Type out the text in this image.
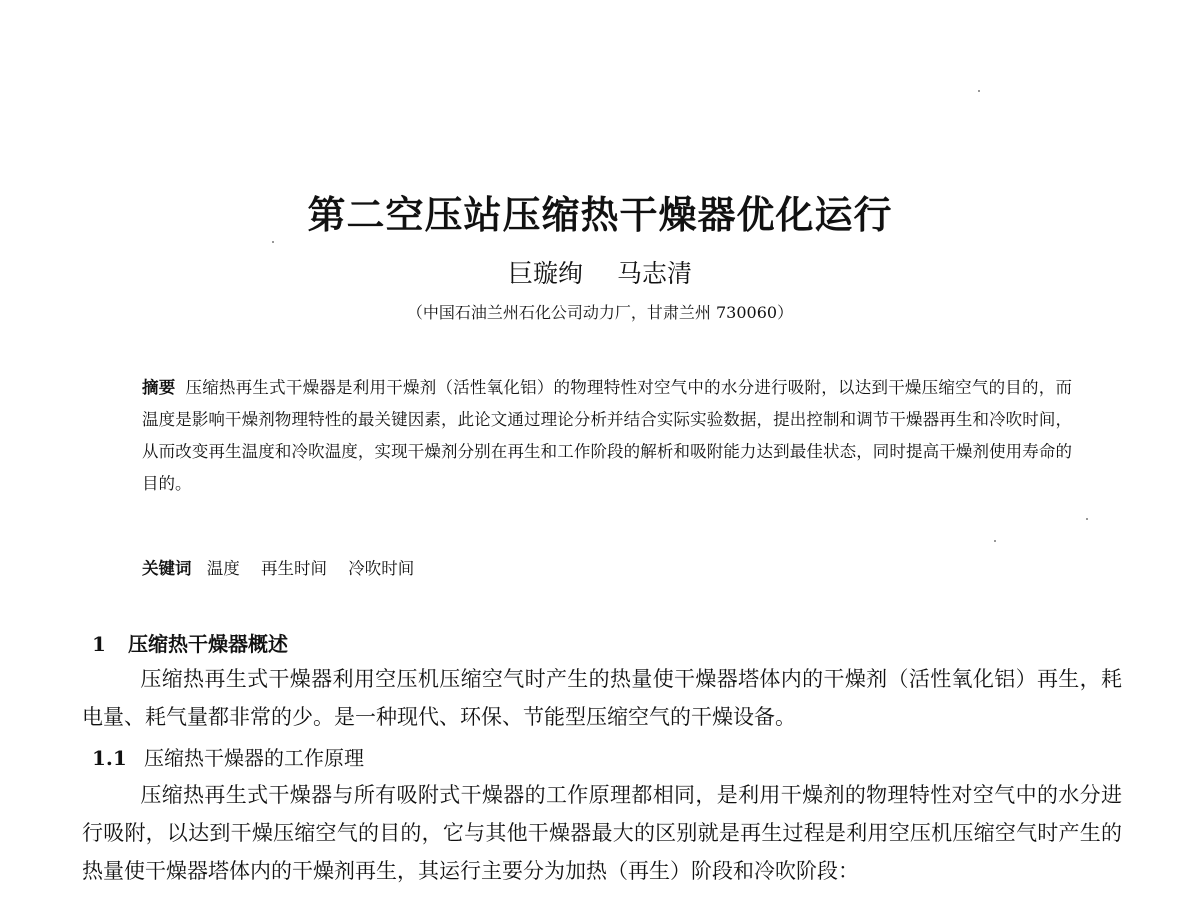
第二空压站压缩热干燥器优化运行
巨璇绚 马志清
（中国石油兰州石化公司动力厂，甘肃兰州 730060）
摘要 压缩热再生式干燥器是利用干燥剂（活性氧化铝）的物理特性对空气中的水分进行吸附，以达到干燥压缩空气的目的，而温度是影响干燥剂物理特性的最关键因素，此论文通过理论分析并结合实际实验数据，提出控制和调节干燥器再生和冷吹时间，从而改变再生温度和冷吹温度，实现干燥剂分别在再生和工作阶段的解析和吸附能力达到最佳状态，同时提高干燥剂使用寿命的目的。
关键词 温度 再生时间 冷吹时间
1 压缩热干燥器概述
压缩热再生式干燥器利用空压机压缩空气时产生的热量使干燥器塔体内的干燥剂（活性氧化铝）再生，耗电量、耗气量都非常的少。是一种现代、环保、节能型压缩空气的干燥设备。
1.1 压缩热干燥器的工作原理
压缩热再生式干燥器与所有吸附式干燥器的工作原理都相同，是利用干燥剂的物理特性对空气中的水分进行吸附，以达到干燥压缩空气的目的，它与其他干燥器最大的区别就是再生过程是利用空压机压缩空气时产生的热量使干燥器塔体内的干燥剂再生，其运行主要分为加热（再生）阶段和冷吹阶段：
